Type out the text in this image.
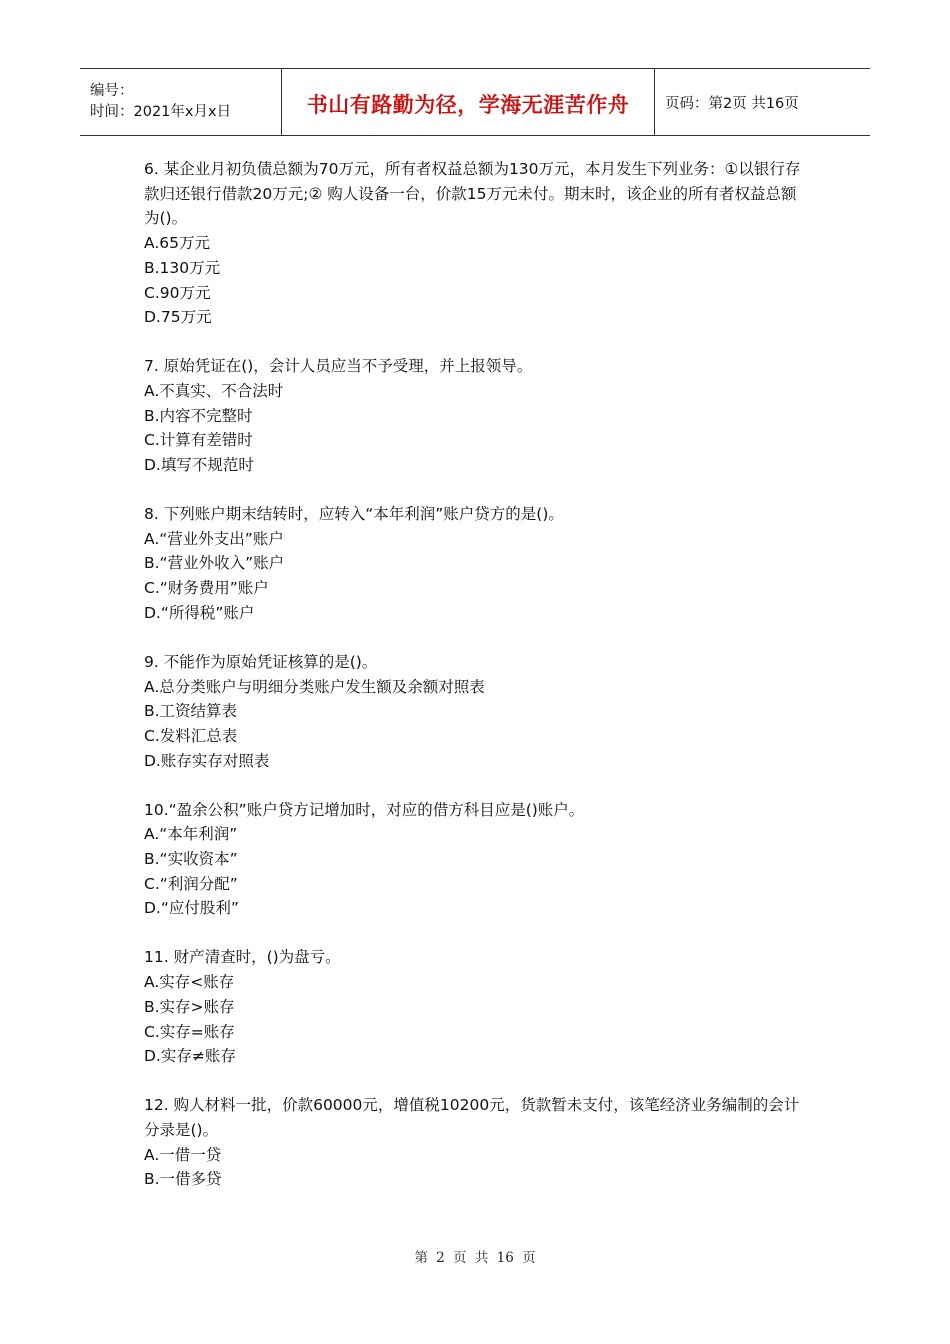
编号：
时间：2021年x月x日	书山有路勤为径，学海无涯苦作舟 页码：第2页 共16页
6. 某企业月初负债总额为70万元，所有者权益总额为130万元，本月发生下列业务：①以银行存款归还银行借款20万元;② 购人设备一台，价款15万元未付。期末时，该企业的所有者权益总额为()。
A.65万元
B.130万元
C.90万元
D.75万元
7. 原始凭证在()，会计人员应当不予受理，并上报领导。
A.不真实、不合法时
B.内容不完整时
C.计算有差错时
D.填写不规范时
8. 下列账户期末结转时，应转入“本年利润”账户贷方的是()。
A.“营业外支出”账户
B.“营业外收入”账户
C.“财务费用”账户
D.“所得税”账户
9. 不能作为原始凭证核算的是()。
A.总分类账户与明细分类账户发生额及余额对照表
B.工资结算表
C.发料汇总表
D.账存实存对照表
10.“盈余公积”账户贷方记增加时，对应的借方科目应是()账户。
A.“本年利润”
B.“实收资本”
C.“利润分配”
D.“应付股利”
11. 财产清查时，()为盘亏。
A.实存<账存
B.实存>账存
C.实存=账存
D.实存≠账存
12. 购人材料一批，价款60000元，增值税10200元，货款暂未支付，该笔经济业务编制的会计分录是()。
A.一借一贷
B.一借多贷
第 2 页 共 16 页
